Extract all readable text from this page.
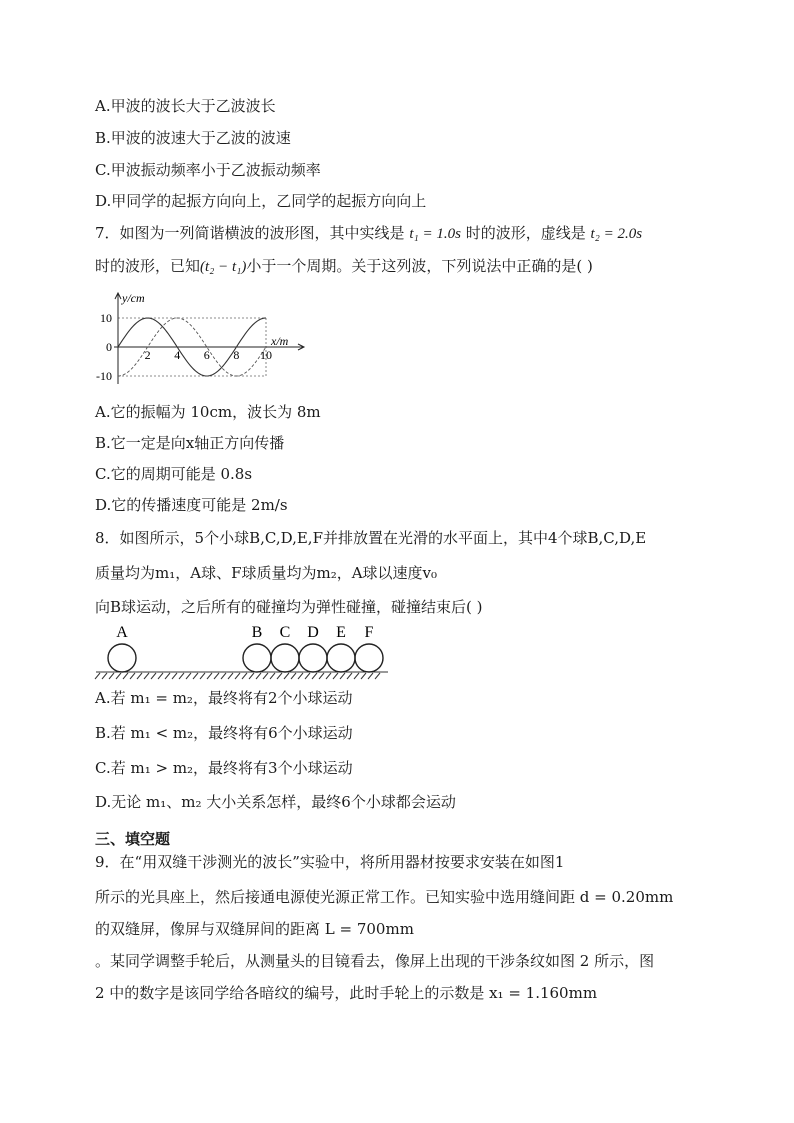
A.甲波的波长大于乙波波长
B.甲波的波速大于乙波的波速
C.甲波振动频率小于乙波振动频率
D.甲同学的起振方向向上，乙同学的起振方向向上
7．如图为一列简谐横波的波形图，其中实线是 t₁ = 1.0s 时的波形，虚线是 t₂ = 2.0s
时的波形，已知(t₂ − t₁)小于一个周期。关于这列波，下列说法中正确的是( )
2 4 6 8 10
10
0
-10
y/cm
x/m
A.它的振幅为 10cm，波长为 8m
B.它一定是向x轴正方向传播
C.它的周期可能是 0.8s
D.它的传播速度可能是 2m/s
8．如图所示，5个小球B,C,D,E,F并排放置在光滑的水平面上，其中4个球B,C,D,E
质量均为m₁，A球、F球质量均为m₂，A球以速度v₀
向B球运动，之后所有的碰撞均为弹性碰撞，碰撞结束后( )
A	B C D E F
A.若 m₁ = m₂，最终将有2个小球运动
B.若 m₁ < m₂，最终将有6个小球运动
C.若 m₁ > m₂，最终将有3个小球运动
D.无论 m₁、m₂ 大小关系怎样，最终6个小球都会运动
三、填空题
9．在“用双缝干涉测光的波长”实验中，将所用器材按要求安装在如图1
所示的光具座上，然后接通电源使光源正常工作。已知实验中选用缝间距 d = 0.20mm
的双缝屏，像屏与双缝屏间的距离 L = 700mm
。某同学调整手轮后，从测量头的目镜看去，像屏上出现的干涉条纹如图 2 所示，图
2 中的数字是该同学给各暗纹的编号，此时手轮上的示数是 x₁ = 1.160mm
